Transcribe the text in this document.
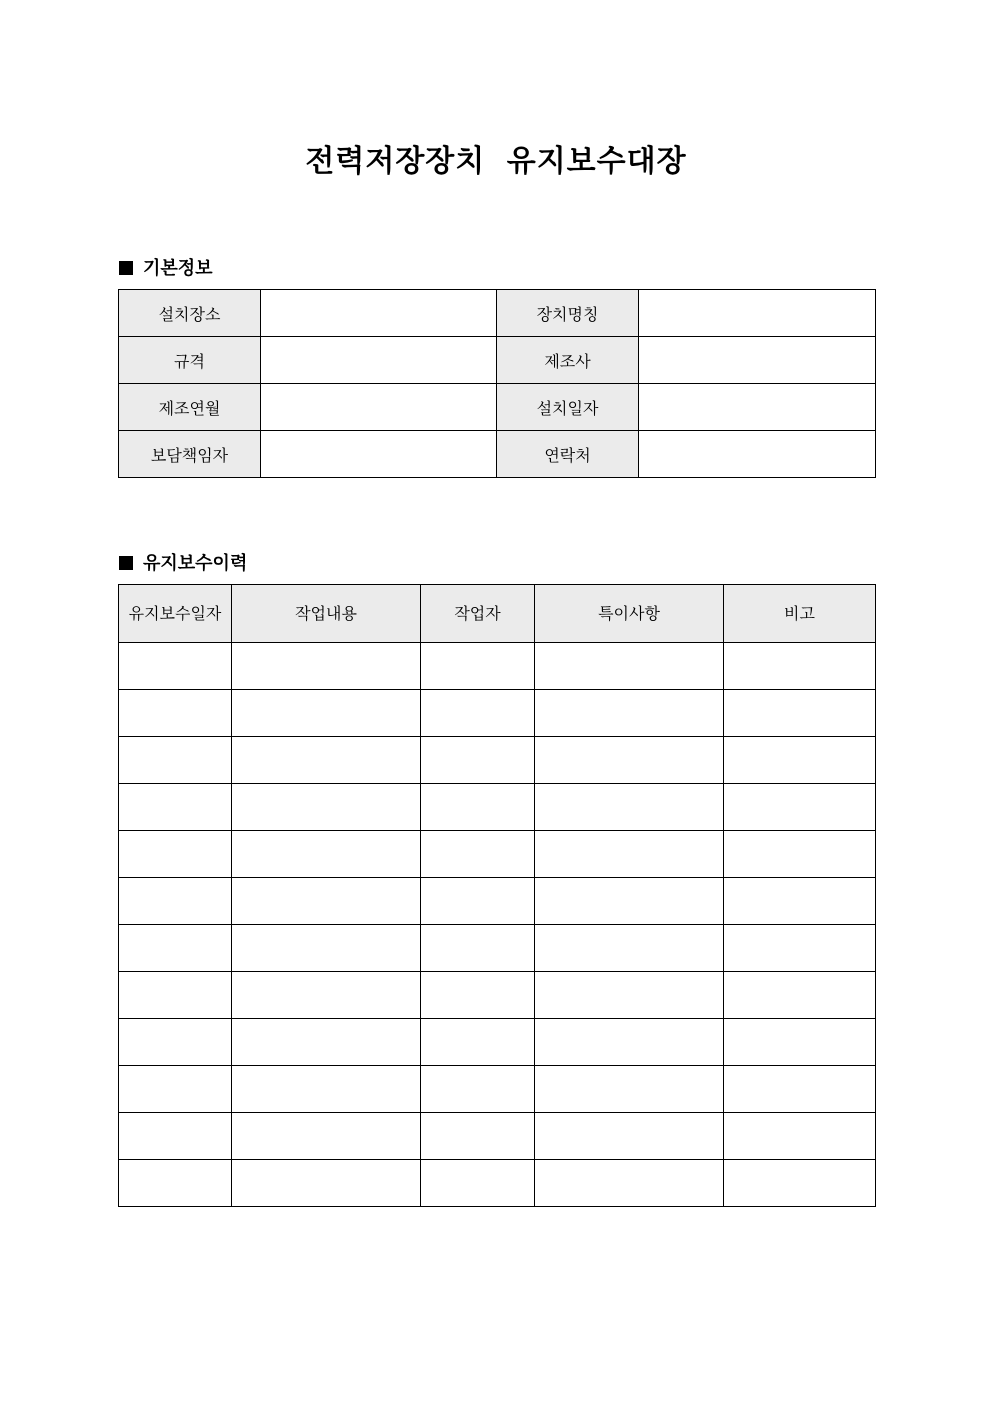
전력저장장치 유지보수대장
기본정보
설치장소		장치명칭	
규격		제조사	
제조연월		설치일자	
보담책임자		연락처	
유지보수이력
유지보수일자	작업내용	작업자	특이사항	비고
